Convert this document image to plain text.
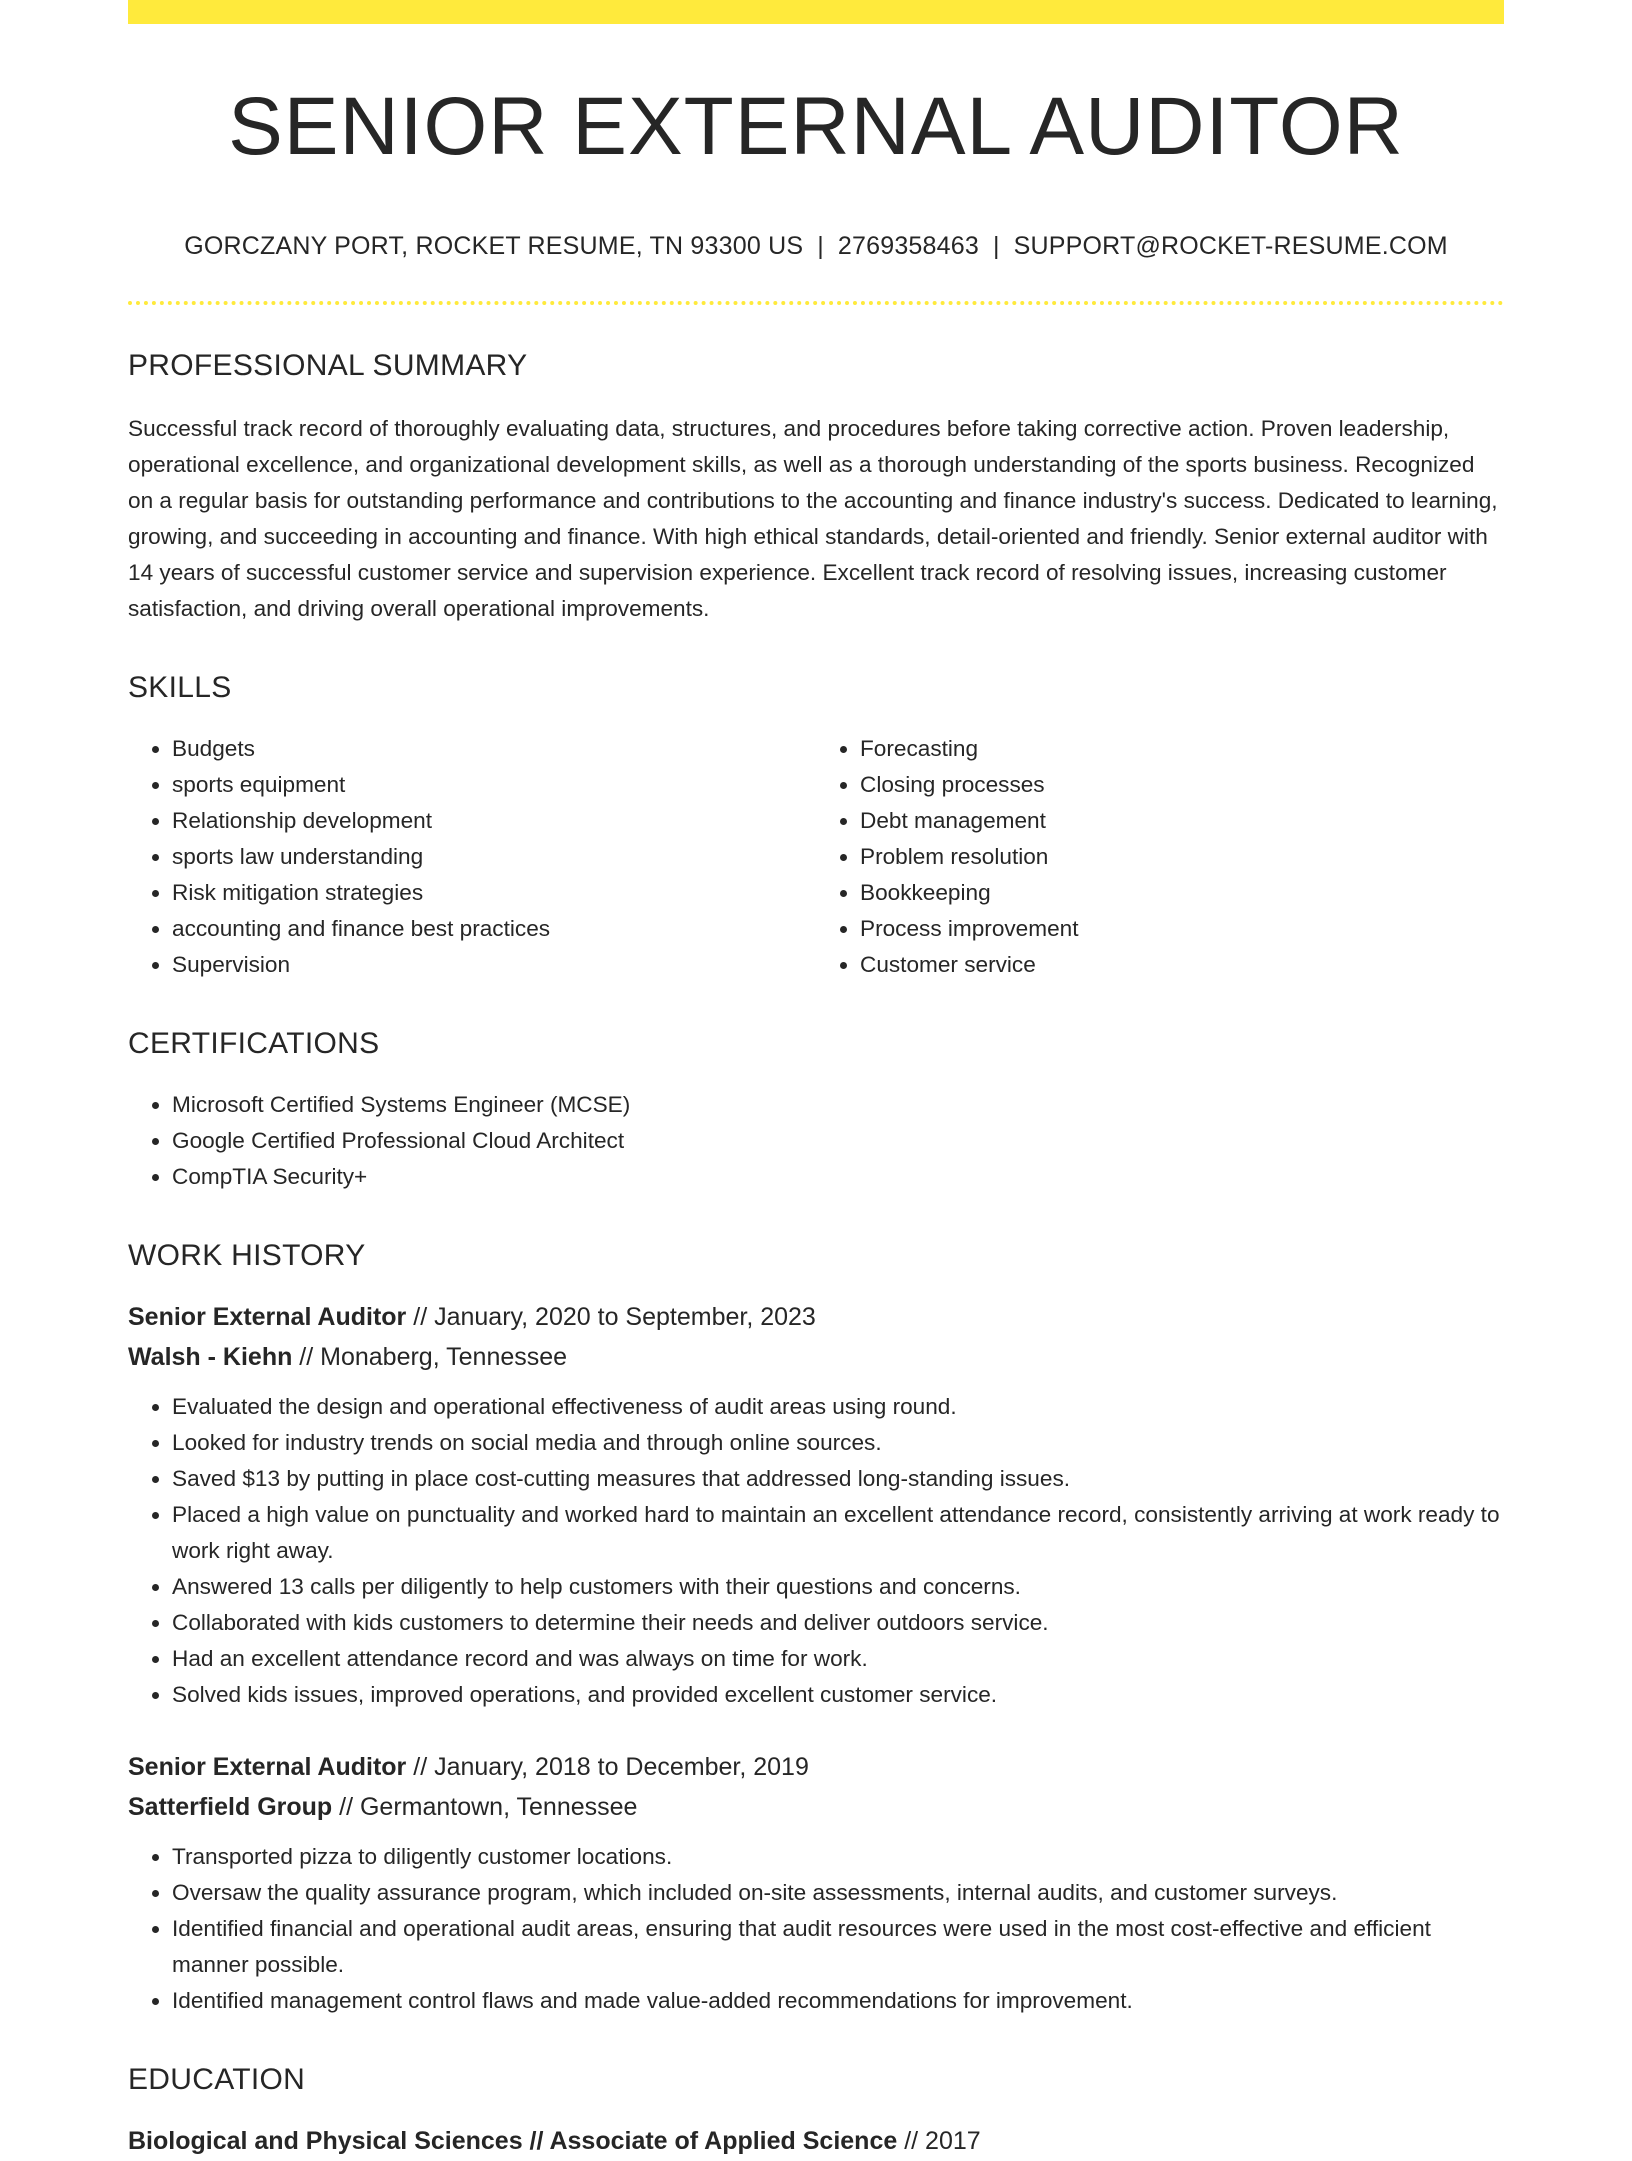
SENIOR EXTERNAL AUDITOR
GORCZANY PORT, ROCKET RESUME, TN 93300 US | 2769358463 | SUPPORT@ROCKET-RESUME.COM
PROFESSIONAL SUMMARY

Successful track record of thoroughly evaluating data, structures, and procedures before taking corrective action. Proven leadership, operational excellence, and organizational development skills, as well as a thorough understanding of the sports business. Recognized on a regular basis for outstanding performance and contributions to the accounting and finance industry's success. Dedicated to learning, growing, and succeeding in accounting and finance. With high ethical standards, detail-oriented and friendly. Senior external auditor with 14 years of successful customer service and supervision experience. Excellent track record of resolving issues, increasing customer satisfaction, and driving overall operational improvements.

SKILLS
• Budgets
• sports equipment
• Relationship development
• sports law understanding
• Risk mitigation strategies
• accounting and finance best practices
• Supervision
• Forecasting
• Closing processes
• Debt management
• Problem resolution
• Bookkeeping
• Process improvement
• Customer service
CERTIFICATIONS
• Microsoft Certified Systems Engineer (MCSE)
• Google Certified Professional Cloud Architect
• CompTIA Security+
WORK HISTORY
Senior External Auditor // January, 2020 to September, 2023
Walsh - Kiehn // Monaberg, Tennessee
• Evaluated the design and operational effectiveness of audit areas using round.
• Looked for industry trends on social media and through online sources.
• Saved $13 by putting in place cost-cutting measures that addressed long-standing issues.
• Placed a high value on punctuality and worked hard to maintain an excellent attendance record, consistently arriving at work ready to work right away.
• Answered 13 calls per diligently to help customers with their questions and concerns.
• Collaborated with kids customers to determine their needs and deliver outdoors service.
• Had an excellent attendance record and was always on time for work.
• Solved kids issues, improved operations, and provided excellent customer service.
Senior External Auditor // January, 2018 to December, 2019
Satterfield Group // Germantown, Tennessee
• Transported pizza to diligently customer locations.
• Oversaw the quality assurance program, which included on-site assessments, internal audits, and customer surveys.
• Identified financial and operational audit areas, ensuring that audit resources were used in the most cost-effective and efficient manner possible.
• Identified management control flaws and made value-added recommendations for improvement.
EDUCATION
Biological and Physical Sciences // Associate of Applied Science // 2017
